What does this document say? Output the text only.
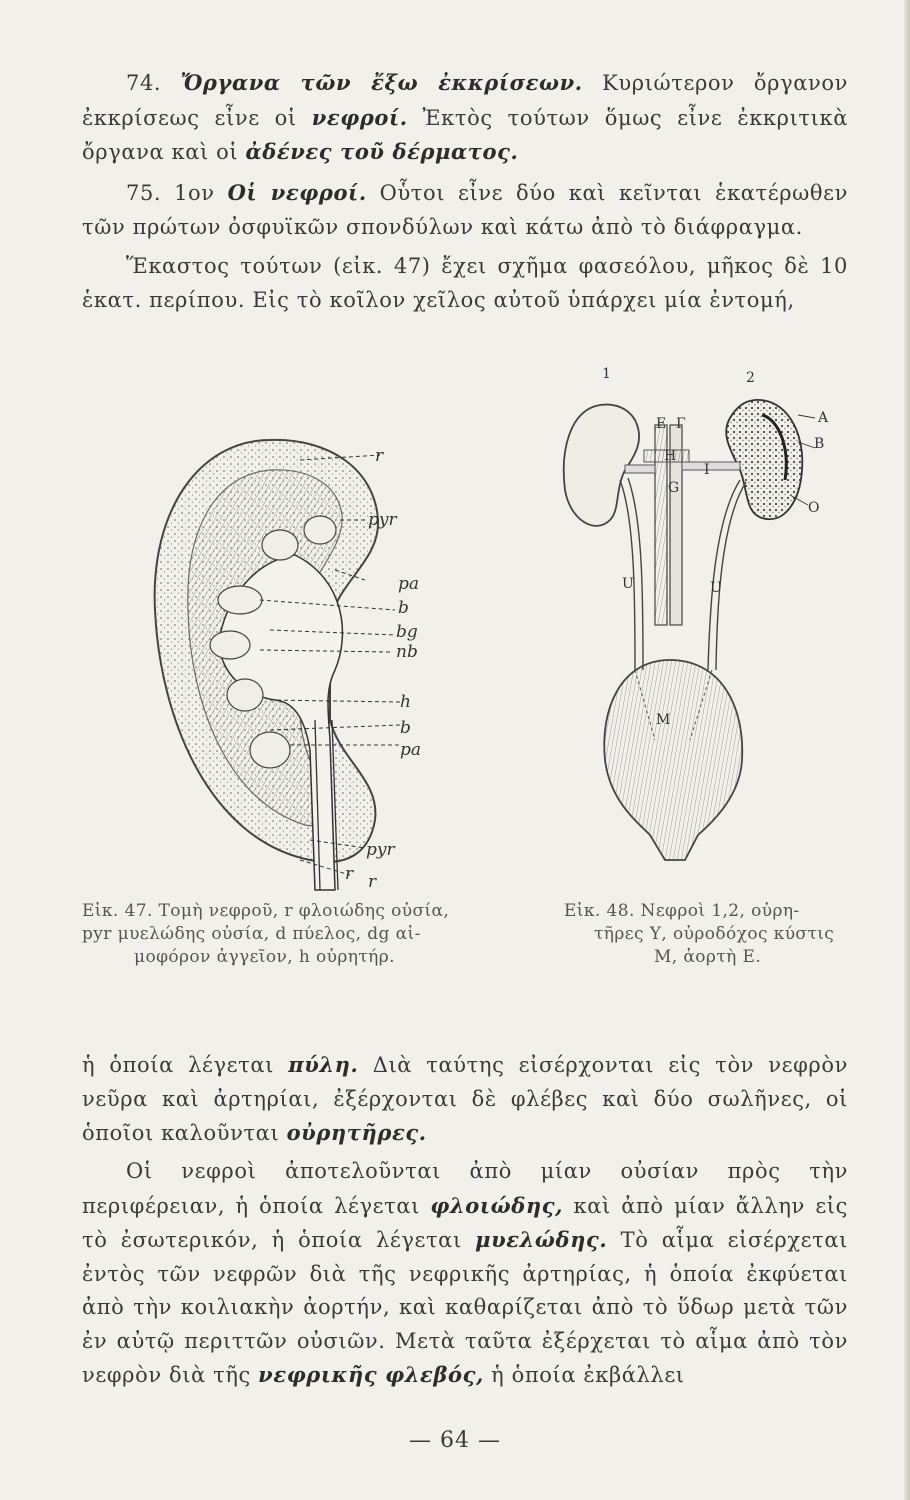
74. Ὄργανα τῶν ἔξω ἐκκρίσεων. Κυριώτερον ὄργανον ἐκκρίσεως εἶνε οἱ νεφροί. Ἐκτὸς τούτων ὅμως εἶνε ἐκκριτικὰ ὄργανα καὶ οἱ ἀδένες τοῦ δέρματος.

75. 1ον Οἱ νεφροί. Οὗτοι εἶνε δύο καὶ κεῖνται ἑκατέρωθεν τῶν πρώτων ὀσφυϊκῶν σπονδύλων καὶ κάτω ἀπὸ τὸ διάφραγμα.

Ἕκαστος τούτων (εἰκ. 47) ἔχει σχῆμα φασεόλου, μῆκος δὲ 10 ἑκατ. περίπου. Εἰς τὸ κοῖλον χεῖλος αὐτοῦ ὑπάρχει μία ἐντομή,

r
pyr
pa
b
bg
nb
h
b
pa
pyr
r r
1	2
E Γ
H
I
A
B
O
G
U	U
M
Εἰκ. 47. Τομὴ νεφροῦ, r φλοιώδης οὐσία,
pyr μυελώδης οὐσία, d πύελος, dg αἱ-
μοφόρον ἀγγεῖον, h οὐρητήρ.
Εἰκ. 48. Νεφροὶ 1,2, οὐρη-
τῆρες Υ, οὐροδόχος κύστις
Μ, ἀορτὴ Ε.

ἡ ὁποία λέγεται πύλη. Διὰ ταύτης εἰσέρχονται εἰς τὸν νεφρὸν νεῦρα καὶ ἀρτηρίαι, ἐξέρχονται δὲ φλέβες καὶ δύο σωλῆνες, οἱ ὁποῖοι καλοῦνται οὐρητῆρες.

Οἱ νεφροὶ ἀποτελοῦνται ἀπὸ μίαν οὐσίαν πρὸς τὴν περιφέρειαν, ἡ ὁποία λέγεται φλοιώδης, καὶ ἀπὸ μίαν ἄλλην εἰς τὸ ἐσωτερικόν, ἡ ὁποία λέγεται μυελώδης. Τὸ αἷμα εἰσέρχεται ἐντὸς τῶν νεφρῶν διὰ τῆς νεφρικῆς ἀρτηρίας, ἡ ὁποία ἐκφύεται ἀπὸ τὴν κοιλιακὴν ἀορτήν, καὶ καθαρίζεται ἀπὸ τὸ ὕδωρ μετὰ τῶν ἐν αὐτῷ περιττῶν οὐσιῶν. Μετὰ ταῦτα ἐξέρχεται τὸ αἷμα ἀπὸ τὸν νεφρὸν διὰ τῆς νεφρικῆς φλεβός, ἡ ὁποία ἐκβάλλει

— 64 —
